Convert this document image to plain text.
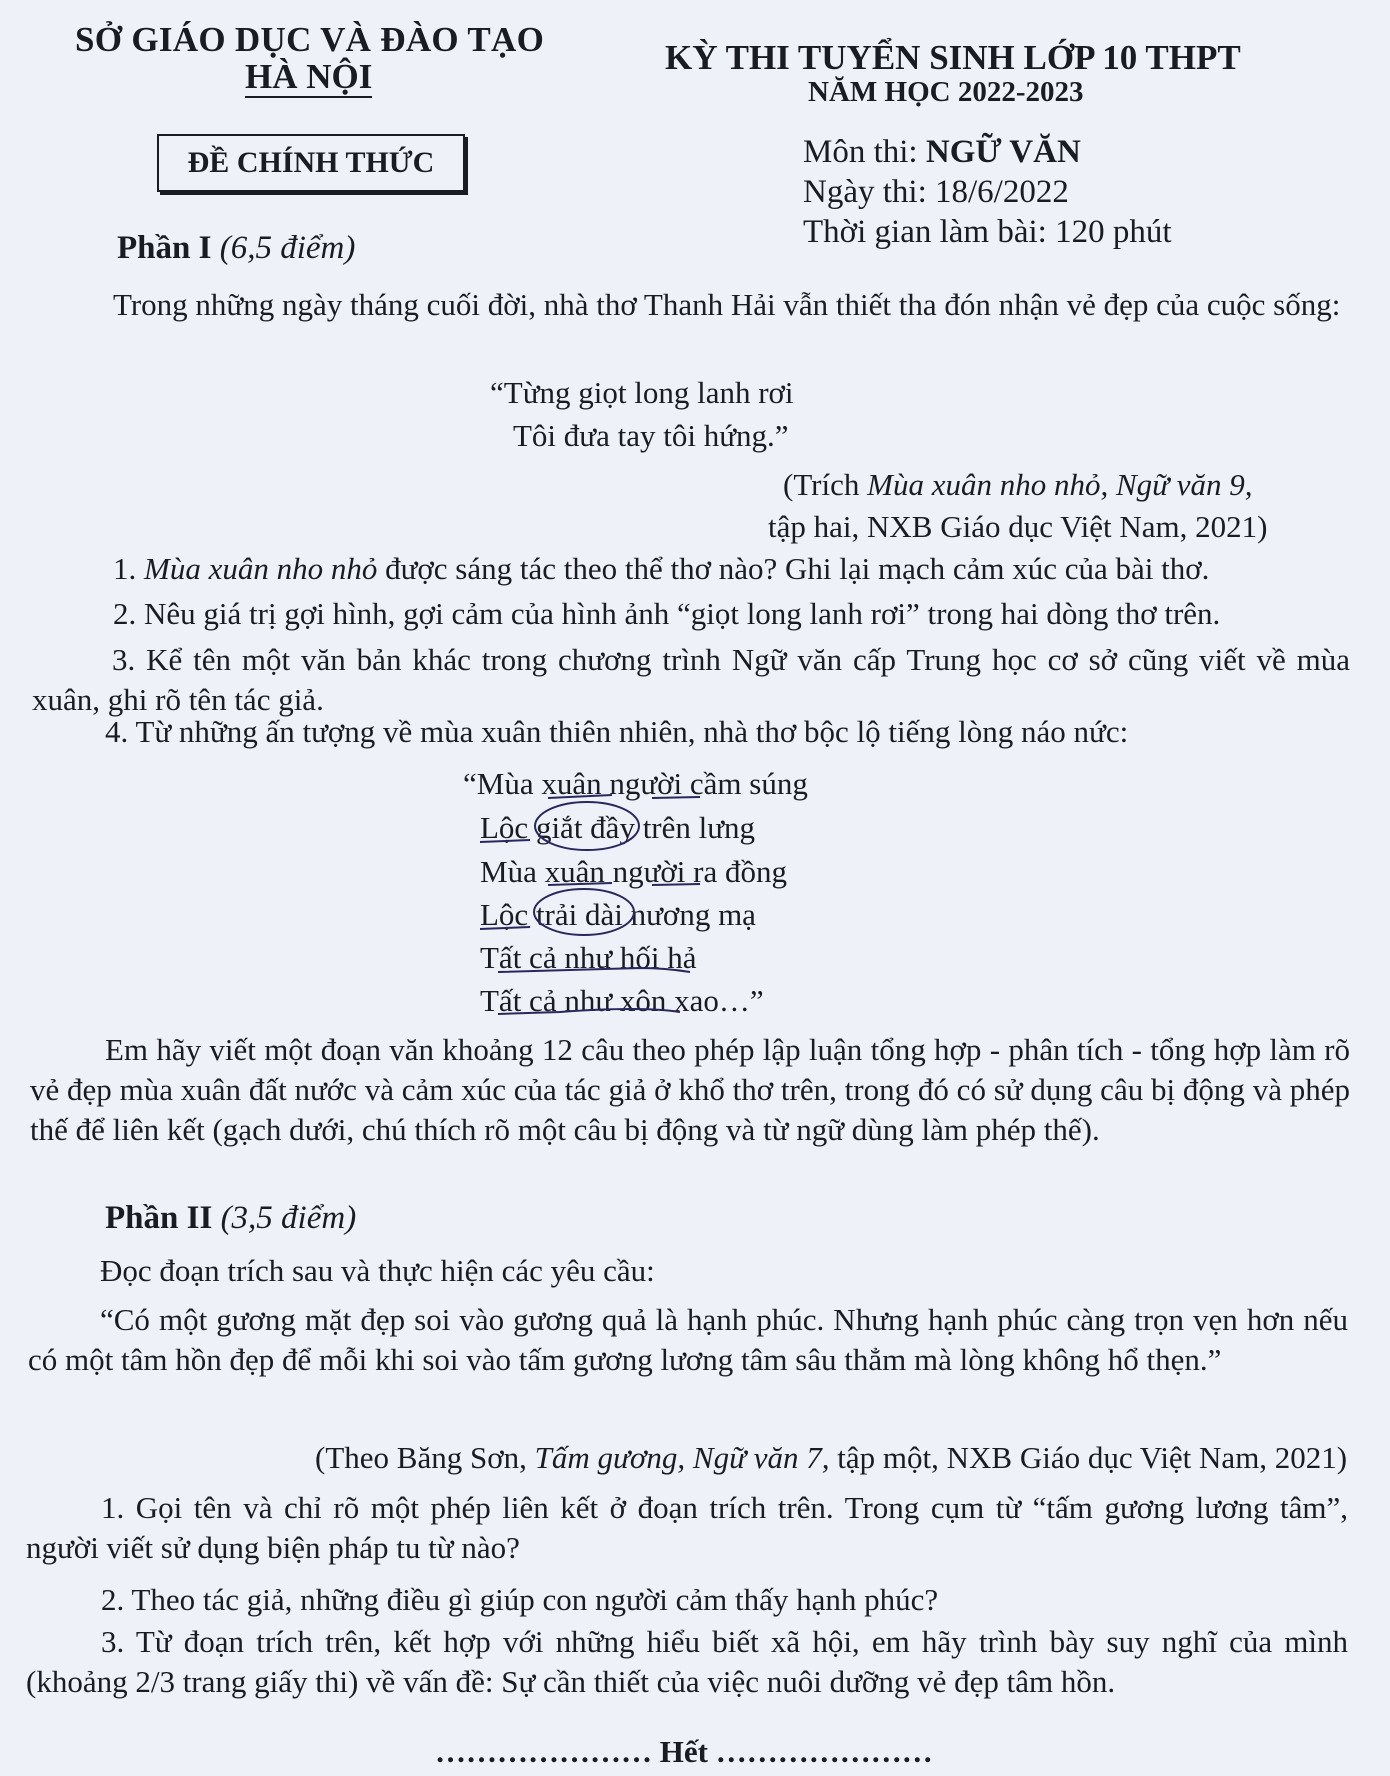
SỞ GIÁO DỤC VÀ ĐÀO TẠO
HÀ NỘI	KỲ THI TUYỂN SINH LỚP 10 THPT
NĂM HỌC 2022-2023
ĐỀ CHÍNH THỨC	Môn thi: NGỮ VĂN
Ngày thi: 18/6/2022
Thời gian làm bài: 120 phút
Phần I (6,5 điểm)
Trong những ngày tháng cuối đời, nhà thơ Thanh Hải vẫn thiết tha đón nhận vẻ đẹp của cuộc sống:
“Từng giọt long lanh rơi
Tôi đưa tay tôi hứng.”
(Trích Mùa xuân nho nhỏ, Ngữ văn 9,
tập hai, NXB Giáo dục Việt Nam, 2021)
1. Mùa xuân nho nhỏ được sáng tác theo thể thơ nào? Ghi lại mạch cảm xúc của bài thơ.
2. Nêu giá trị gợi hình, gợi cảm của hình ảnh “giọt long lanh rơi” trong hai dòng thơ trên.
3. Kể tên một văn bản khác trong chương trình Ngữ văn cấp Trung học cơ sở cũng viết về mùa xuân, ghi rõ tên tác giả.
4. Từ những ấn tượng về mùa xuân thiên nhiên, nhà thơ bộc lộ tiếng lòng náo nức:
“Mùa xuân người cầm súng
Lộc giắt đầy trên lưng
Mùa xuân người ra đồng
Lộc trải dài nương mạ
Tất cả như hối hả
Tất cả như xôn xao…”
Em hãy viết một đoạn văn khoảng 12 câu theo phép lập luận tổng hợp - phân tích - tổng hợp làm rõ vẻ đẹp mùa xuân đất nước và cảm xúc của tác giả ở khổ thơ trên, trong đó có sử dụng câu bị động và phép thế để liên kết (gạch dưới, chú thích rõ một câu bị động và từ ngữ dùng làm phép thế).
Phần II (3,5 điểm)
Đọc đoạn trích sau và thực hiện các yêu cầu:
“Có một gương mặt đẹp soi vào gương quả là hạnh phúc. Nhưng hạnh phúc càng trọn vẹn hơn nếu có một tâm hồn đẹp để mỗi khi soi vào tấm gương lương tâm sâu thẳm mà lòng không hổ thẹn.”
(Theo Băng Sơn, Tấm gương, Ngữ văn 7, tập một, NXB Giáo dục Việt Nam, 2021)
1. Gọi tên và chỉ rõ một phép liên kết ở đoạn trích trên. Trong cụm từ “tấm gương lương tâm”, người viết sử dụng biện pháp tu từ nào?
2. Theo tác giả, những điều gì giúp con người cảm thấy hạnh phúc?
3. Từ đoạn trích trên, kết hợp với những hiểu biết xã hội, em hãy trình bày suy nghĩ của mình (khoảng 2/3 trang giấy thi) về vấn đề: Sự cần thiết của việc nuôi dưỡng vẻ đẹp tâm hồn.
………………… Hết …………………
